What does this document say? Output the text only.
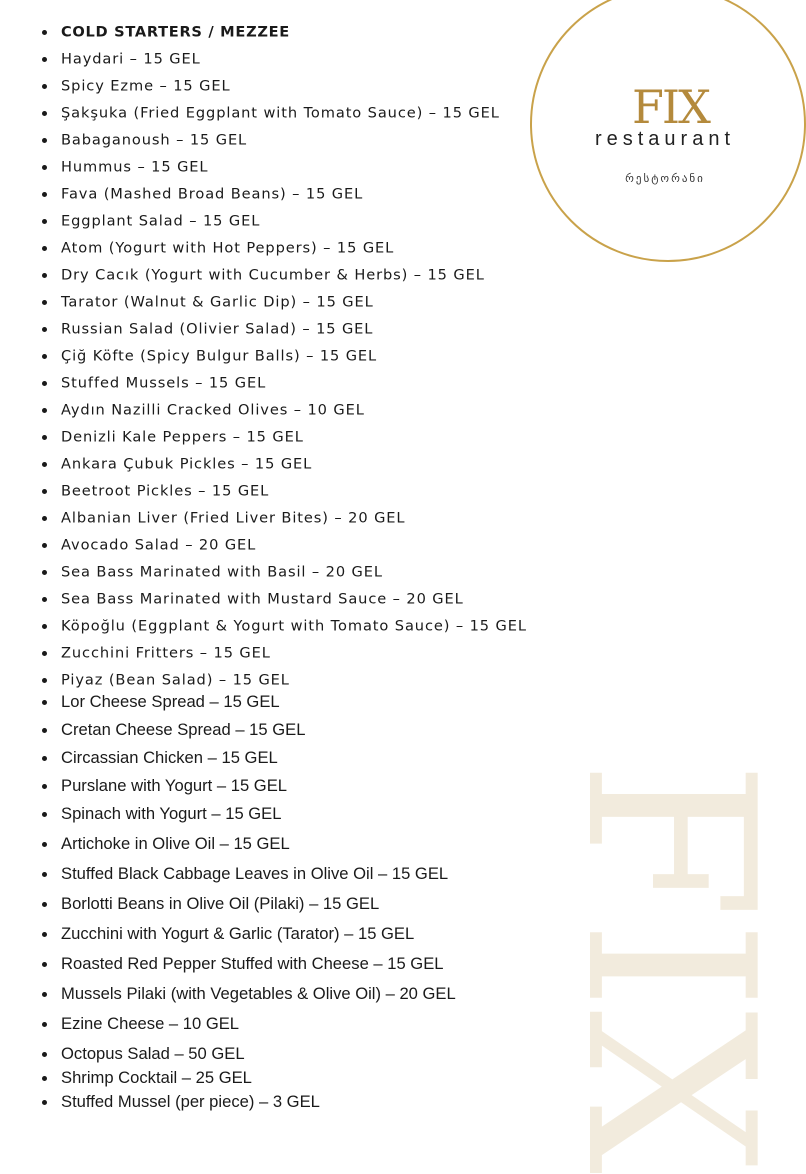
FIX
FIX
restaurant
რესტორანი
COLD STARTERS / MEZZEE
Haydari – 15 GEL
Spicy Ezme – 15 GEL
Şakşuka (Fried Eggplant with Tomato Sauce) – 15 GEL
Babaganoush – 15 GEL
Hummus – 15 GEL
Fava (Mashed Broad Beans) – 15 GEL
Eggplant Salad – 15 GEL
Atom (Yogurt with Hot Peppers) – 15 GEL
Dry Cacık (Yogurt with Cucumber & Herbs) – 15 GEL
Tarator (Walnut & Garlic Dip) – 15 GEL
Russian Salad (Olivier Salad) – 15 GEL
Çiğ Köfte (Spicy Bulgur Balls) – 15 GEL
Stuffed Mussels – 15 GEL
Aydın Nazilli Cracked Olives – 10 GEL
Denizli Kale Peppers – 15 GEL
Ankara Çubuk Pickles – 15 GEL
Beetroot Pickles – 15 GEL
Albanian Liver (Fried Liver Bites) – 20 GEL
Avocado Salad – 20 GEL
Sea Bass Marinated with Basil – 20 GEL
Sea Bass Marinated with Mustard Sauce – 20 GEL
Köpoğlu (Eggplant & Yogurt with Tomato Sauce) – 15 GEL
Zucchini Fritters – 15 GEL
Piyaz (Bean Salad) – 15 GEL
Lor Cheese Spread – 15 GEL
Cretan Cheese Spread – 15 GEL
Circassian Chicken – 15 GEL
Purslane with Yogurt – 15 GEL
Spinach with Yogurt – 15 GEL
Artichoke in Olive Oil – 15 GEL
Stuffed Black Cabbage Leaves in Olive Oil – 15 GEL
Borlotti Beans in Olive Oil (Pilaki) – 15 GEL
Zucchini with Yogurt & Garlic (Tarator) – 15 GEL
Roasted Red Pepper Stuffed with Cheese – 15 GEL
Mussels Pilaki (with Vegetables & Olive Oil) – 20 GEL
Ezine Cheese – 10 GEL
Octopus Salad – 50 GEL
Shrimp Cocktail – 25 GEL
Stuffed Mussel (per piece) – 3 GEL
